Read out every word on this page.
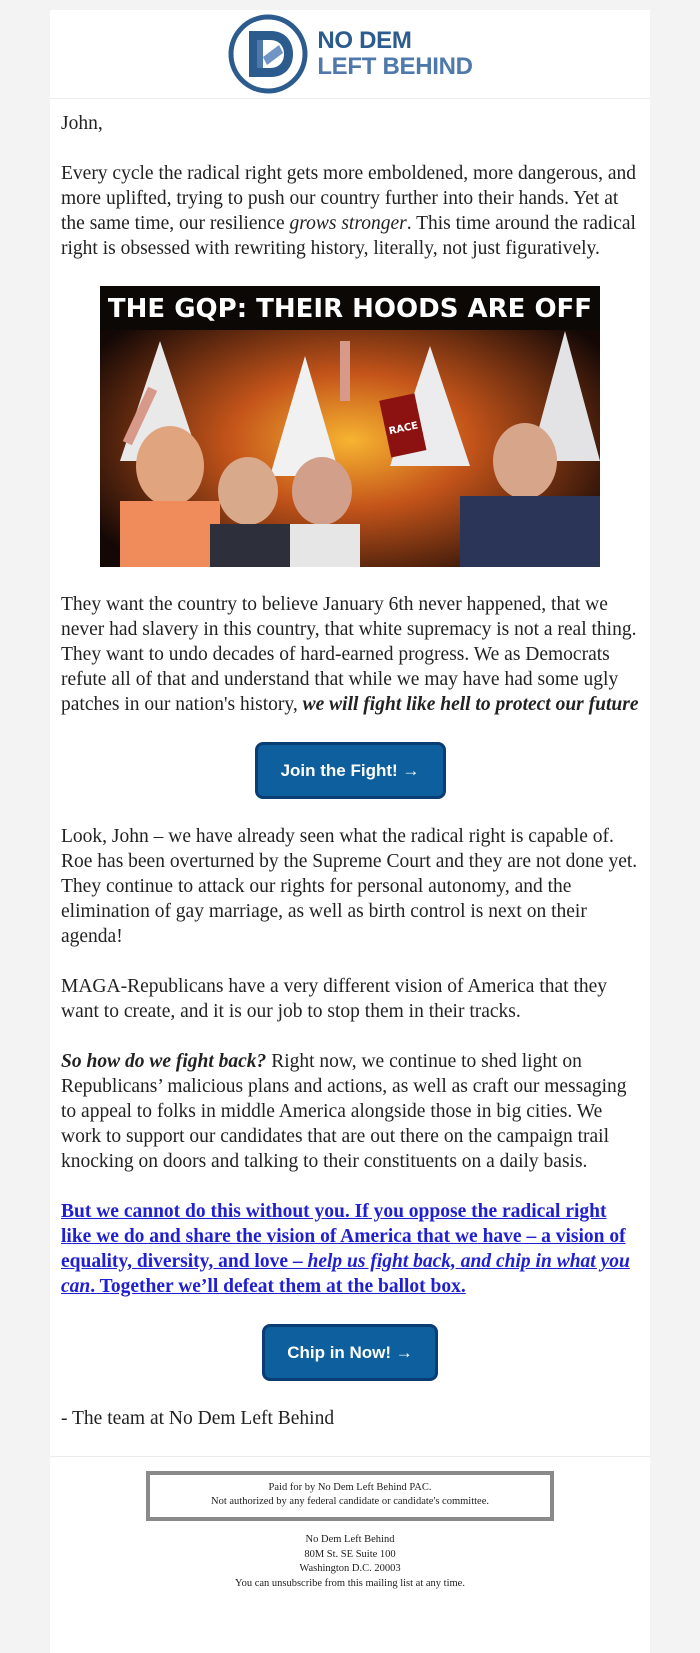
NO DEM
LEFT BEHIND

John,

Every cycle the radical right gets more emboldened, more dangerous, and more uplifted, trying to push our country further into their hands. Yet at the same time, our resilience grows stronger. This time around the radical right is obsessed with rewriting history, literally, not just figuratively.

THE GQP: THEIR HOODS ARE OFF
RACE

They want the country to believe January 6th never happened, that we never had slavery in this country, that white supremacy is not a real thing. They want to undo decades of hard-earned progress. We as Democrats refute all of that and understand that while we may have had some ugly patches in our nation's history, we will fight like hell to protect our future

Join the Fight! →

Look, John – we have already seen what the radical right is capable of. Roe has been overturned by the Supreme Court and they are not done yet. They continue to attack our rights for personal autonomy, and the elimination of gay marriage, as well as birth control is next on their agenda!

MAGA-Republicans have a very different vision of America that they want to create, and it is our job to stop them in their tracks.

So how do we fight back? Right now, we continue to shed light on Republicans’ malicious plans and actions, as well as craft our messaging to appeal to folks in middle America alongside those in big cities. We work to support our candidates that are out there on the campaign trail knocking on doors and talking to their constituents on a daily basis.

But we cannot do this without you. If you oppose the radical right like we do and share the vision of America that we have – a vision of equality, diversity, and love – help us fight back, and chip in what you can. Together we’ll defeat them at the ballot box.

Chip in Now! →

- The team at No Dem Left Behind

Paid for by No Dem Left Behind PAC.
Not authorized by any federal candidate or candidate's committee.
No Dem Left Behind
80M St. SE Suite 100
Washington D.C. 20003
You can unsubscribe from this mailing list at any time.
